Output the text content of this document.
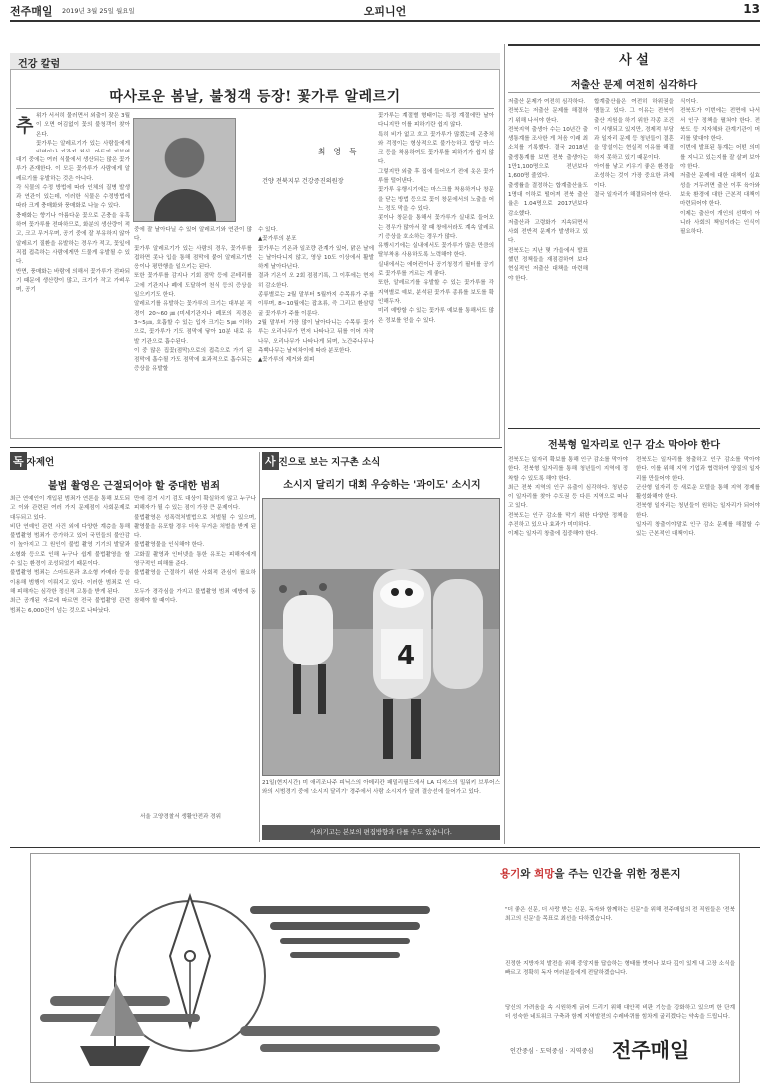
전주매일 2019년 3월 25일 월요일	오피니언	13
건강 칼럼
따사로운 봄날, 불청객 등장! 꽃가루 알레르기
추 위가 서서히 물러면서 외출이 잦은 3월이 오면 어김없이 꽃의 불청객이 찾아온다.
꽃가루는 알레르기가 있는 사람들에게

대기 중에는 여러 식물에서 생산되는 많은 꽃가루가 존재한다. 이 모든 꽃가루가 사람에게 알레르기를 유발하는 것은 아니다.
각 식물의 수정 방법에 따라 인체의 질병 발생과 연관이 있는데, 이러한 식물은 수정방법에 따라 크게 충매화와 풍매화로 나눌 수 있다.
충매화는 향기나 아름다운 꽃으로 곤충을 유혹하여 꽃가루를 전파하므로, 화분의 생산량이 적고, 크고 무거우며, 공기 중에 잘 부유하지 않아 알레르기 질환을 유발하는 경우가 적고, 꽃잎에 직접 접촉하는 사람에게만 드물게 유발될 수 있다.
반면, 풍매화는 바람에 의해서 꽃가루가 전파되기 때문에 생산량이 많고, 크기가 작고 가벼우며, 공기
최 영 득
건양 전북지부 건강증진의원장
중에 잘 날아다닐 수 있어 알레르기와 연관이 많다.
꽃가루 알레르기가 있는 사람의 경우, 꽃가루를 접하면 콧나 입을 통해 점막에 붙어 알레르기반응이나 평만행을 일으키는 된다.
또한 꽃가루를 감지나 기회 점막 등에 콘테리를 고에 기관지나 폐에 도달하여 천식 등의 증상을 일으키기도 한다.
알레르기를 유발하는 꽃가루의 크기는 대부분 직경이 20~60㎛(미세기관지나 폐포의 직경은 3~5㎛, 호흡할 수 있는 입자 크기는 5㎛ 이하)으로, 꽃가루가 기도 점막에 닿아 10분 내로 유발 기관으로 흡수된다.
이 중 많은 집꽃(점막)으로의 접촉으로 가기 된 점막에 흡수될 가도 점막에 효과적으로 흡수되는 증상을 유발할
수 있다.
▲꽃가루의 분포
꽃가루는 기온과 일조량 관계가 있어, 맑은 날에는 날아다니지 않고, 영상 10도 이상에서 활발하게 날아다닌다.
결과 기온이 오 2회 점점기록, 그 이후에는 현저히 감소한다.
종류별로는 2월 말부터 5월까지 수목류가 주를 이루며, 8~10월에는 잡초류, 즉 그리고 환삼덩굴 꽃가루가 주를 이룬다.
2월 말부터 가장 많이 날아다니는 수목류 꽃가루는 오리나무가 먼저 나타나고 뒤를 이어 자작나무, 오리나무가 나타나게 되며, 노간주나무나 측백나무는 날씨차이에 따라 분포한다.
▲꽃가루의 제거와 회피
꽃가루는 계절별 형태이는 특정 계절에만 날아다니지만 이를 피하기란 쉽지 않다.
특히 비가 없고 흐고 꽃가루가 많겠는데 곤충처와 걱정이는 형상적으로 불가능하고 합당 마스크 등을 착용하여도 꽃가루를 피하기가 쉽지 않다.
그렇지만 외출 후 집에 들어오기 전에 옷은 꽃가루를 털어낸다.
꽃가루 유행시기에는 마스크를 착용하거나 창문을 닫는 방법 등으로 꽃이 창문에서의 노출을 어느 정도 막을 수 있다.
콧이나 창문을 통해서 꽃가루가 실내로 들어오는 경우가 많아서 잘 때 창에서라도 계속 알레르기 증상을 호소하는 경우가 많다.
유행시기에는 실내에서도 꽃가루가 많은 만큼의 탈부착용 사용하도록 노력해야 한다.
실내에서는 에어컨이나 공기청정기 필터를 공기로 꽃가루를 거르는 게 좋다.
또한, 알레르기를 유발할 수 있는 꽃가루를 각 지역별로 예보, 분석된 꽃가루 종류를 보도를 확인해두자.
미리 예방할 수 있는 꽃가루 예보를 통해서도 많은 정보를 얻을 수 있다.
사 설
저출산 문제 여전히 심각하다
저출산 문제가 여전히 심각하다.
전북도는 저출산 문제를 해결하기 위해 나서야 한다.
전북지역 출생아 수는 10년간 출생통계를 조사한 게 처음 이래 최소치를 기록했다. 결국 2018년 출생통계를 보면 전북 출생아는 1만1,100명으로 전년보다 1,600명 줄었다.
출생률을 결정하는 합계출산율도 1명대 이하로 떨어져 전북 출산율은 1.04명으로 2017년보다 감소했다.
저출산과 고령화가 지속되면서 사회 전반적 문제가 발생하고 있다.
전북도는 지난 몇 가을에서 발표했던 정책들을 재점검하여 보다 현실적인 저출산 대책을 마련해야 한다.
합계출산율은 여전히 하위권을 맴돌고 있다. 그 이유는 전북이 출산 지원을 하기 위한 각종 조건이 시행되고 있지만, 경제적 부담과 일자리 문제 등 청년들이 결혼을 망설이는 현실적 이유를 해결하지 못하고 있기 때문이다.
아이를 낳고 키우기 좋은 환경을 조성하는 것이 가장 중요한 과제이다.
결국 일자리가 해결되어야 한다.
식이다.
전북도가 이번에는 전면에 나서서 인구 정책을 펼쳐야 한다. 전북도 등 지자체와 관계기관이 머리를 맞대야 한다.
이번에 발표된 통계는 어떤 의미를 지니고 있는지를 잘 살펴 보아야 한다.
저출산 문제에 대한 대책이 실효성을 거두려면 출산 이후 육아와 보육 환경에 대한 근본적 대책이 마련되어야 한다.
이제는 출산이 개인의 선택이 아니라 사회의 책임이라는 인식이 필요하다.
전북형 일자리로 인구 감소 막아야 한다
전북도는 일자리 확보를 통해 인구 감소를 막아야 한다. 전북형 일자리를 통해 청년들이 지역에 정착할 수 있도록 해야 한다.
최근 전북 지역의 인구 유출이 심각하다. 청년층이 일자리를 찾아 수도권 등 다른 지역으로 떠나고 있다.
전북도는 인구 감소를 막기 위한 다양한 정책을 추진하고 있으나 효과가 미미하다.
이제는 일자리 창출에 집중해야 한다.
전북도는 일자리를 창출하고 인구 감소를 막아야 한다. 이를 위해 지역 기업과 협력하여 양질의 일자리를 만들어야 한다.
군산형 일자리 등 새로운 모델을 통해 지역 경제를 활성화해야 한다.
전북형 일자리는 청년들이 원하는 일자리가 되어야 한다.
일자리 창출이야말로 인구 감소 문제를 해결할 수 있는 근본적인 대책이다.
독 자제언
불법 촬영은 근절되어야 할 중대한 범죄
최근 연예인이 개입된 범죄가 연론을 통해 보도되고 이와 관련된 여러 가지 문제점이 사회문제로 대두되고 있다.
비단 연예인 관련 사건 외에 다양한 계층을 통해 불법촬영 범죄가 증가하고 있어 국민들의 불안감이 높아지고 그 원인이 불법 촬영 기기의 발달과 소형화 등으로 인해 누구나 쉽게 불법촬영을 할 수 있는 환경이 조성되었기 때문이다.
불법촬영 범죄는 스마트폰과 초소형 카메라 등을 이용해 범행이 이뤄지고 있다. 이러한 범죄로 인해 피해자는 심각한 정신적 고통을 받게 된다.
최근 공개된 자료에 따르면 전국 불법촬영 관련 범죄는 6,000건이 넘는 것으로 나타났다.
만에 검거 시기 검도 대상이 확실하지 않고 누구나 피해자가 될 수 있는 점이 가장 큰 문제이다.
불법촬영은 성폭력처벌법으로 처벌될 수 있으며, 촬영물을 유포할 경우 더욱 무거운 처벌을 받게 된다.
불법촬영물을 인식해야 한다.
고화질 촬영과 인터넷을 통한 유포는 피해자에게 영구적인 피해를 준다.
불법촬영을 근절하기 위한 사회적 관심이 필요하다.
모두가 경각심을 가지고 불법촬영 범죄 예방에 동참해야 할 때이다.
서울 고양경찰서 생활안전과 경위
사 진으로 보는 지구촌 소식
소시지 달리기 대회 우승하는 '과이도' 소시지
4
21일(현지시간) 미 애리조나주 피닉스의 아메리칸 패밀리필드에서 LA 디저스의 밀워키 브루어스와의 시범경기 중에 '소시지 달리기' 경주에서 사람 소시지가 달려 결승선에 들어가고 있다.
사외기고는 본보의 편집방향과 다를 수도 있습니다.
용기와 희망을 주는 인간을 위한 정론지
"더 좋은 신문, 더 사랑 받는 신문, 독자와 함께하는 신문"을 위해 전주매일의 전 직원들은 '전북 최고의 신문'을 목표로 최선을 다하겠습니다.
진정한 지방자치 발전을 위해 중앙지를 답습하는 형태를 벗어나 보다 깊이 있게 내 고장 소식을 빠르고 정확히 독자 여러분들에게 전달하겠습니다.
당신의 가려움을 속 시원하게 긁어 드리기 위해 대안적 비판 기능을 강화하고 있으며 한 단계 더 성숙한 네트워크 구축과 함께 지역발전의 수레바퀴를 힘차게 굴리겠다는 약속을 드립니다.
인간중심 · 도덕중심 · 지역중심 전주매일
